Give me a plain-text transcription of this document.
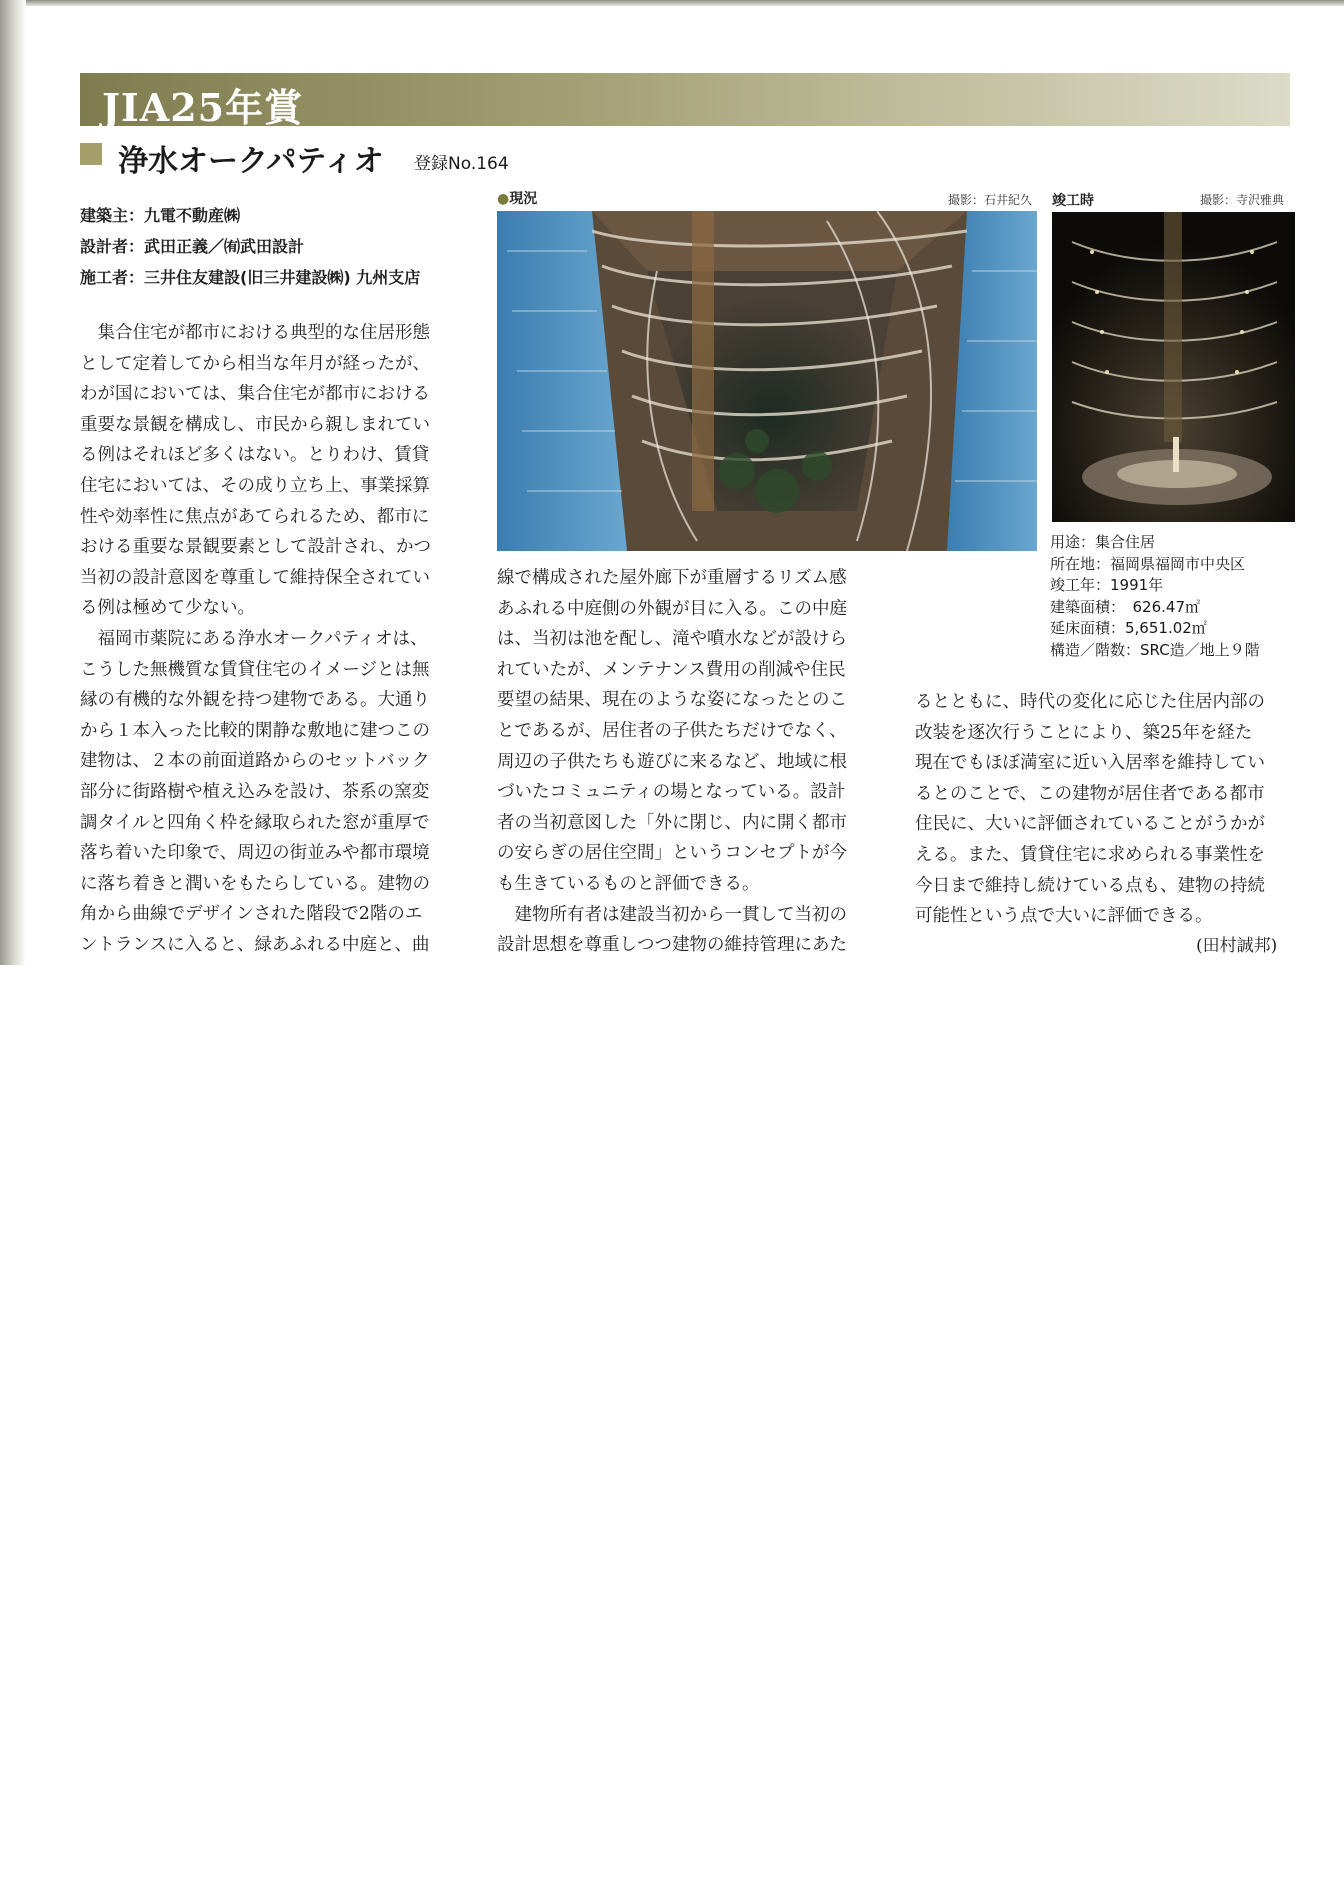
JIA25年賞
浄水オークパティオ 登録No.164
建築主：九電不動産㈱
設計者：武田正義／㈲武田設計
施工者：三井住友建設(旧三井建設㈱) 九州支店

　集合住宅が都市における典型的な住居形態
として定着してから相当な年月が経ったが、
わが国においては、集合住宅が都市における
重要な景観を構成し、市民から親しまれてい
る例はそれほど多くはない。とりわけ、賃貸
住宅においては、その成り立ち上、事業採算
性や効率性に焦点があてられるため、都市に
おける重要な景観要素として設計され、かつ
当初の設計意図を尊重して維持保全されてい
る例は極めて少ない。

　福岡市薬院にある浄水オークパティオは、
こうした無機質な賃貸住宅のイメージとは無
縁の有機的な外観を持つ建物である。大通り
から１本入った比較的閑静な敷地に建つこの
建物は、２本の前面道路からのセットバック
部分に街路樹や植え込みを設け、茶系の窯変
調タイルと四角く枠を縁取られた窓が重厚で
落ち着いた印象で、周辺の街並みや都市環境
に落ち着きと潤いをもたらしている。建物の
角から曲線でデザインされた階段で2階のエ
ントランスに入ると、緑あふれる中庭と、曲

線で構成された屋外廊下が重層するリズム感
あふれる中庭側の外観が目に入る。この中庭
は、当初は池を配し、滝や噴水などが設けら
れていたが、メンテナンス費用の削減や住民
要望の結果、現在のような姿になったとのこ
とであるが、居住者の子供たちだけでなく、
周辺の子供たちも遊びに来るなど、地域に根
づいたコミュニティの場となっている。設計
者の当初意図した「外に閉じ、内に開く都市
の安らぎの居住空間」というコンセプトが今
も生きているものと評価できる。

　建物所有者は建設当初から一貫して当初の
設計思想を尊重しつつ建物の維持管理にあた

るとともに、時代の変化に応じた住居内部の
改装を逐次行うことにより、築25年を経た
現在でもほぼ満室に近い入居率を維持してい
るとのことで、この建物が居住者である都市
住民に、大いに評価されていることがうかが
える。また、賃貸住宅に求められる事業性を
今日まで維持し続けている点も、建物の持続
可能性という点で大いに評価できる。

●現況	撮影：石井紀久 竣工時	撮影：寺沢雅典
用途：集合住居
所在地：福岡県福岡市中央区
竣工年：1991年
建築面積：　626.47㎡
延床面積：5,651.02㎡
構造／階数：SRC造／地上９階
(田村誠邦)
